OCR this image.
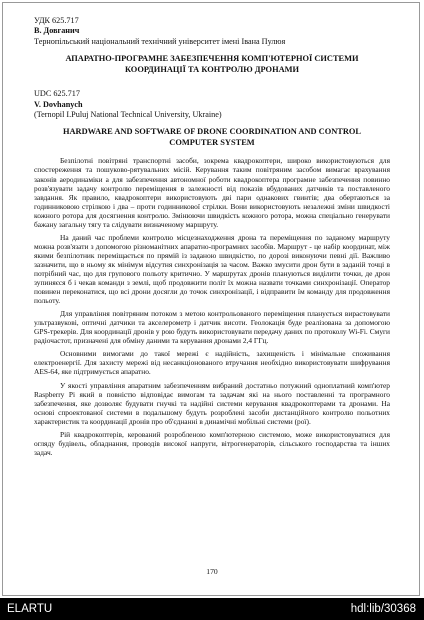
УДК 625.717

В. Довганич

Тернопільський національний технічний університет імені Івана Пулюя

АПАРАТНО-ПРОГРАМНЕ ЗАБЕЗПЕЧЕННЯ КОМП'ЮТЕРНОЇ СИСТЕМИ КООРДИНАЦІЇ ТА КОНТРОЛЮ ДРОНАМИ

UDC 625.717

V. Dovhanych

(Ternopil I.Puluj National Technical University, Ukraine)

HARDWARE AND SOFTWARE OF DRONE COORDINATION AND CONTROL COMPUTER SYSTEM

Безпілотні повітряні транспортні засоби, зокрема квадрокоптери, широко використовуються для спостереження та пошуково-рятувальних місій. Керування таким повітряним засобом вимагає врахування законів аеродинаміки а для забезпечення автономної роботи квадрокоптера програмне забезпечення повинно розв'язувати задачу контролю переміщення в залежності від показів вбудованих датчиків та поставленого завдання. Як правило, квадрокоптери використовують дві пари однакових гвинтів; два обертаються за годинниковою стрілкою і два – проти годинникової стрілки. Вони використовують незалежні зміни швидкості кожного ротора для досягнення контролю. Змінюючи швидкість кожного ротора, можна спеціально генерувати бажану загальну тягу та слідувати визначеному маршруту.

На даний час проблеми контролю місцезнаходження дрона та переміщення по заданому маршруту можна розв'язати з допомогою різноманітних апаратно-програмних засобів. Маршрут - це набір координат, між якими безпілотник переміщається по прямій із заданою швидкістю, по дорозі виконуючи певні дії. Важливо зазначити, що в ньому як мінімум відсутня синхронізація за часом. Важко змусити дрон бути в заданій точці в потрібний час, що для групового польоту критично. У маршрутах дронів плануються виділити точки, де дрон зупиняєся б і чекав команди з землі, щоб продовжити політ їх можна назвати точками синхронізації. Оператор повинен переконатися, що всі дрони досягли до точок синхронізації, і відправити їм команду для продовження польоту.

Для управління повітряним потоком з метою контрольованого переміщення планується вирастовувати ультразвукові, оптичні датчики та акселерометр і датчик висоти. Геолокація буде реалізована за допомогою GPS-трекерів. Для координації дронів у рою будуть використовувати передачу даних по протоколу Wi-Fi. Смуги радіочастот, призначені для обміну даними та керування дронами 2,4 ГГц.

Основними вимогами до такої мережі є надійність, захищеність і мінімальне споживання електроенергії. Для захисту мережі від несанкціонованого втручання необхідно використовувати шифрування AES-64, яке підтримується апаратно.

У якості управління апаратним забезпеченням вибраний достатньо потужний одноплатний комп'ютер Raspberry Pi який в повністю відповідає вимогам та задачам які на нього поставленні та програмного забезпечення, яке дозволяє будувати гнучкі та надійні системи керування квадрокоптерами та дронами. На основі спроектованої системи в подальшому будуть розроблені засоби дистанційного контролю польотних характеристик та координації дронів про об'єднанні в динамічні мобільні системи (рої).

Рій квадрокоптерів, керований розробленою комп'ютерною системою, може використовуватися для огляду будівель, обладнання, проводів високої напруги, вітрогенераторів, сільського господарства та інших задач.

170
ELARTU	hdl:lib/30368
